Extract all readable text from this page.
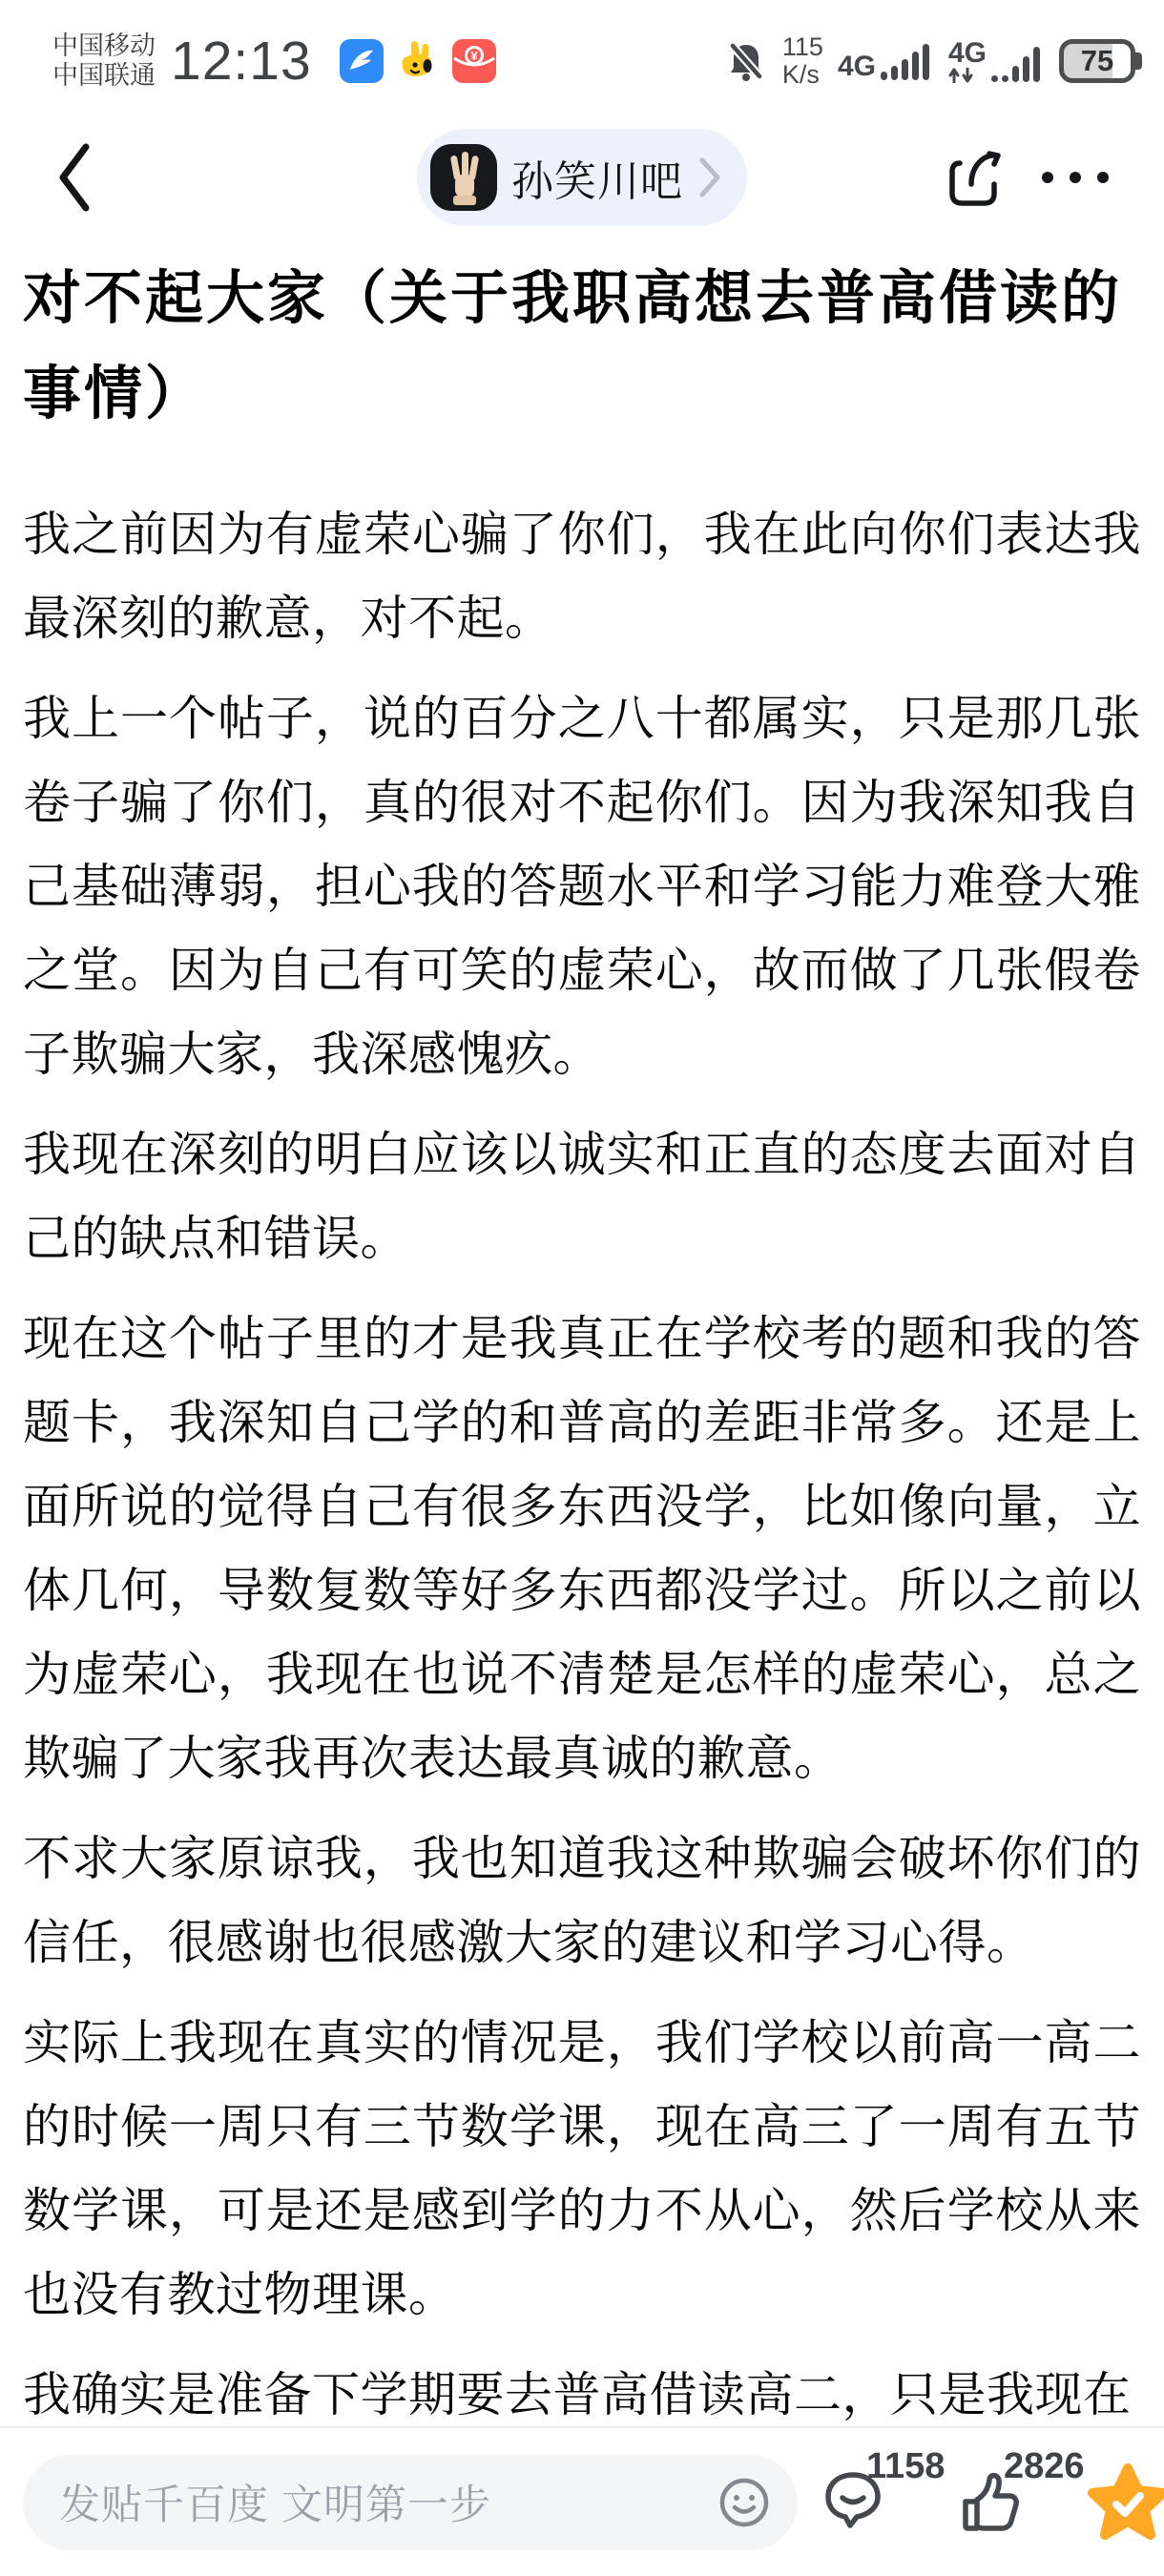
中国移动
中国联通 12:13	¥	115
K/s 4G	4G	75
孙笑川吧
对不起大家（关于我职高想去普高借读的事情）

我之前因为有虚荣心骗了你们，我在此向你们表达我最深刻的歉意，对不起。

我上一个帖子，说的百分之八十都属实，只是那几张卷子骗了你们，真的很对不起你们。因为我深知我自己基础薄弱，担心我的答题水平和学习能力难登大雅之堂。因为自己有可笑的虚荣心，故而做了几张假卷子欺骗大家，我深感愧疚。

我现在深刻的明白应该以诚实和正直的态度去面对自己的缺点和错误。

现在这个帖子里的才是我真正在学校考的题和我的答题卡，我深知自己学的和普高的差距非常多。还是上面所说的觉得自己有很多东西没学，比如像向量，立体几何，导数复数等好多东西都没学过。所以之前以为虚荣心，我现在也说不清楚是怎样的虚荣心，总之欺骗了大家我再次表达最真诚的歉意。

不求大家原谅我，我也知道我这种欺骗会破坏你们的信任，很感谢也很感激大家的建议和学习心得。

实际上我现在真实的情况是，我们学校以前高一高二的时候一周只有三节数学课，现在高三了一周有五节数学课，可是还是感到学的力不从心，然后学校从来也没有教过物理课。

我确实是准备下学期要去普高借读高二，只是我现在

发贴千百度 文明第一步
1158 2826
